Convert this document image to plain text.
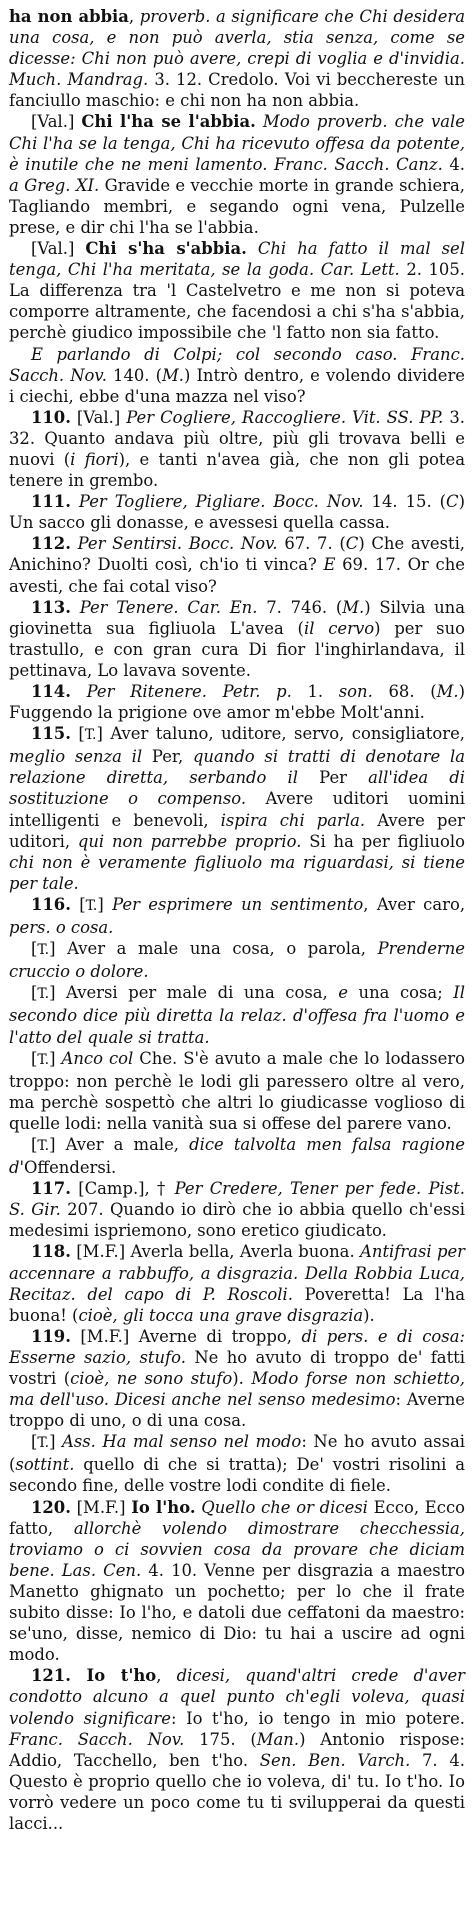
ha non abbia, proverb. a significare che Chi desidera una cosa, e non può averla, stia senza, come se dicesse: Chi non può avere, crepi di voglia e d'invidia. Much. Mandrag. 3. 12. Credolo. Voi vi becchereste un fanciullo maschio: e chi non ha non abbia.

[Val.] Chi l'ha se l'abbia. Modo proverb. che vale Chi l'ha se la tenga, Chi ha ricevuto offesa da potente, è inutile che ne meni lamento. Franc. Sacch. Canz. 4. a Greg. XI. Gravide e vecchie morte in grande schiera, Tagliando membri, e segando ogni vena, Pulzelle prese, e dir chi l'ha se l'abbia.

[Val.] Chi s'ha s'abbia. Chi ha fatto il mal sel tenga, Chi l'ha meritata, se la goda. Car. Lett. 2. 105. La differenza tra 'l Castelvetro e me non si poteva comporre altramente, che facendosi a chi s'ha s'abbia, perchè giudico impossibile che 'l fatto non sia fatto.

E parlando di Colpi; col secondo caso. Franc. Sacch. Nov. 140. (M.) Intrò dentro, e volendo dividere i ciechi, ebbe d'una mazza nel viso?

110. [Val.] Per Cogliere, Raccogliere. Vit. SS. PP. 3. 32. Quanto andava più oltre, più gli trovava belli e nuovi (i fiori), e tanti n'avea già, che non gli potea tenere in grembo.

111. Per Togliere, Pigliare. Bocc. Nov. 14. 15. (C) Un sacco gli donasse, e avessesi quella cassa.

112. Per Sentirsi. Bocc. Nov. 67. 7. (C) Che avesti, Anichino? Duolti così, ch'io ti vinca? E 69. 17. Or che avesti, che fai cotal viso?

113. Per Tenere. Car. En. 7. 746. (M.) Silvia una giovinetta sua figliuola L'avea (il cervo) per suo trastullo, e con gran cura Di fior l'inghirlandava, il pettinava, Lo lavava sovente.

114. Per Ritenere. Petr. p. 1. son. 68. (M.) Fuggendo la prigione ove amor m'ebbe Molt'anni.

115. [T.] Aver taluno, uditore, servo, consigliatore, meglio senza il Per, quando si tratti di denotare la relazione diretta, serbando il Per all'idea di sostituzione o compenso. Avere uditori uomini intelligenti e benevoli, ispira chi parla. Avere per uditori, qui non parrebbe proprio. Si ha per figliuolo chi non è veramente figliuolo ma riguardasi, si tiene per tale.

116. [T.] Per esprimere un sentimento, Aver caro, pers. o cosa.

[T.] Aver a male una cosa, o parola, Prenderne cruccio o dolore.

[T.] Aversi per male di una cosa, e una cosa; Il secondo dice più diretta la relaz. d'offesa fra l'uomo e l'atto del quale si tratta.

[T.] Anco col Che. S'è avuto a male che lo lodassero troppo: non perchè le lodi gli paressero oltre al vero, ma perchè sospettò che altri lo giudicasse voglioso di quelle lodi: nella vanità sua si offese del parere vano.

[T.] Aver a male, dice talvolta men falsa ragione d'Offendersi.

117. [Camp.], † Per Credere, Tener per fede. Pist. S. Gir. 207. Quando io dirò che io abbia quello ch'essi medesimi ispriemono, sono eretico giudicato.

118. [M.F.] Averla bella, Averla buona. Antifrasi per accennare a rabbuffo, a disgrazia. Della Robbia Luca, Recitaz. del capo di P. Roscoli. Poveretta! La l'ha buona! (cioè, gli tocca una grave disgrazia).

119. [M.F.] Averne di troppo, di pers. e di cosa: Esserne sazio, stufo. Ne ho avuto di troppo de' fatti vostri (cioè, ne sono stufo). Modo forse non schietto, ma dell'uso. Dicesi anche nel senso medesimo: Averne troppo di uno, o di una cosa.

[T.] Ass. Ha mal senso nel modo: Ne ho avuto assai (sottint. quello di che si tratta); De' vostri risolini a secondo fine, delle vostre lodi condite di fiele.

120. [M.F.] Io l'ho. Quello che or dicesi Ecco, Ecco fatto, allorchè volendo dimostrare checchessia, troviamo o ci sovvien cosa da provare che diciam bene. Las. Cen. 4. 10. Venne per disgrazia a maestro Manetto ghignato un pochetto; per lo che il frate subito disse: Io l'ho, e datoli due ceffatoni da maestro: se'uno, disse, nemico di Dio: tu hai a uscire ad ogni modo.

121. Io t'ho, dicesi, quand'altri crede d'aver condotto alcuno a quel punto ch'egli voleva, quasi volendo significare: Io t'ho, io tengo in mio potere. Franc. Sacch. Nov. 175. (Man.) Antonio rispose: Addio, Tacchello, ben t'ho. Sen. Ben. Varch. 7. 4. Questo è proprio quello che io voleva, di' tu. Io t'ho. Io vorrò vedere un poco come tu ti svilupperai da questi lacci...
